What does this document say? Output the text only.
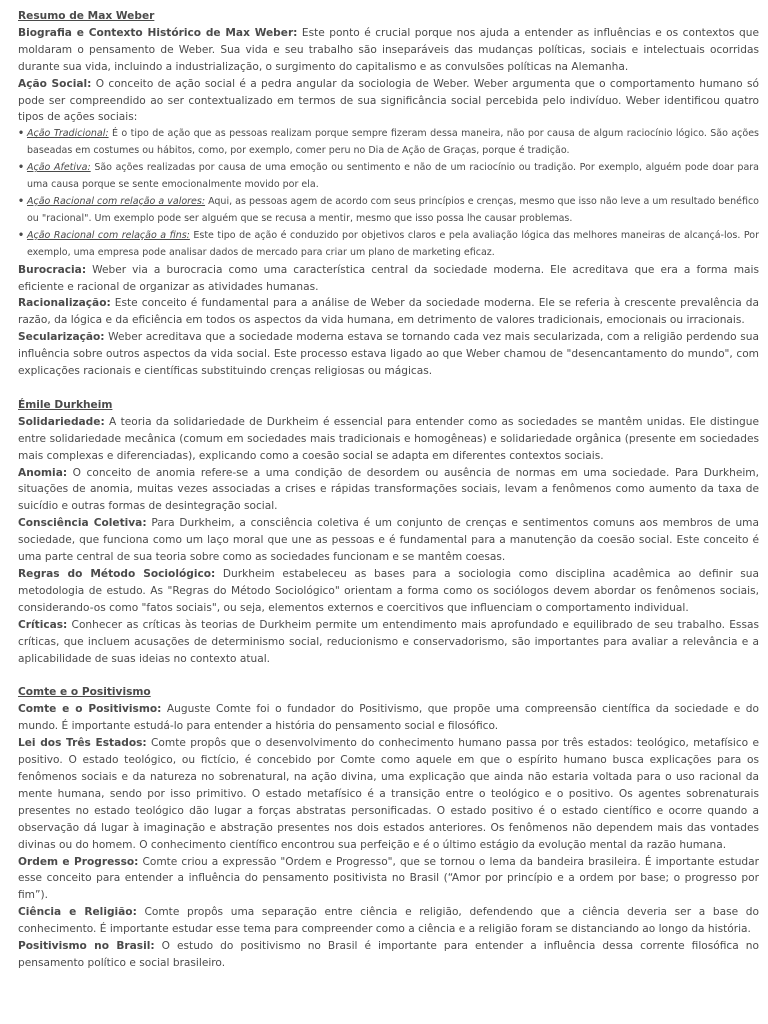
Resumo de Max Weber

Biografia e Contexto Histórico de Max Weber: Este ponto é crucial porque nos ajuda a entender as influências e os contextos que moldaram o pensamento de Weber. Sua vida e seu trabalho são inseparáveis das mudanças políticas, sociais e intelectuais ocorridas durante sua vida, incluindo a industrialização, o surgimento do capitalismo e as convulsões políticas na Alemanha.

Ação Social: O conceito de ação social é a pedra angular da sociologia de Weber. Weber argumenta que o comportamento humano só pode ser compreendido ao ser contextualizado em termos de sua significância social percebida pelo indivíduo. Weber identificou quatro tipos de ações sociais:

• Ação Tradicional: É o tipo de ação que as pessoas realizam porque sempre fizeram dessa maneira, não por causa de algum raciocínio lógico. São ações baseadas em costumes ou hábitos, como, por exemplo, comer peru no Dia de Ação de Graças, porque é tradição.

• Ação Afetiva: São ações realizadas por causa de uma emoção ou sentimento e não de um raciocínio ou tradição. Por exemplo, alguém pode doar para uma causa porque se sente emocionalmente movido por ela.

• Ação Racional com relação a valores: Aqui, as pessoas agem de acordo com seus princípios e crenças, mesmo que isso não leve a um resultado benéfico ou "racional". Um exemplo pode ser alguém que se recusa a mentir, mesmo que isso possa lhe causar problemas.

• Ação Racional com relação a fins: Este tipo de ação é conduzido por objetivos claros e pela avaliação lógica das melhores maneiras de alcançá-los. Por exemplo, uma empresa pode analisar dados de mercado para criar um plano de marketing eficaz.

Burocracia: Weber via a burocracia como uma característica central da sociedade moderna. Ele acreditava que era a forma mais eficiente e racional de organizar as atividades humanas.

Racionalização: Este conceito é fundamental para a análise de Weber da sociedade moderna. Ele se referia à crescente prevalência da razão, da lógica e da eficiência em todos os aspectos da vida humana, em detrimento de valores tradicionais, emocionais ou irracionais.

Secularização: Weber acreditava que a sociedade moderna estava se tornando cada vez mais secularizada, com a religião perdendo sua influência sobre outros aspectos da vida social. Este processo estava ligado ao que Weber chamou de "desencantamento do mundo", com explicações racionais e científicas substituindo crenças religiosas ou mágicas.

Émile Durkheim

Solidariedade: A teoria da solidariedade de Durkheim é essencial para entender como as sociedades se mantêm unidas. Ele distingue entre solidariedade mecânica (comum em sociedades mais tradicionais e homogêneas) e solidariedade orgânica (presente em sociedades mais complexas e diferenciadas), explicando como a coesão social se adapta em diferentes contextos sociais.

Anomia: O conceito de anomia refere-se a uma condição de desordem ou ausência de normas em uma sociedade. Para Durkheim, situações de anomia, muitas vezes associadas a crises e rápidas transformações sociais, levam a fenômenos como aumento da taxa de suicídio e outras formas de desintegração social.

Consciência Coletiva: Para Durkheim, a consciência coletiva é um conjunto de crenças e sentimentos comuns aos membros de uma sociedade, que funciona como um laço moral que une as pessoas e é fundamental para a manutenção da coesão social. Este conceito é uma parte central de sua teoria sobre como as sociedades funcionam e se mantêm coesas.

Regras do Método Sociológico: Durkheim estabeleceu as bases para a sociologia como disciplina acadêmica ao definir sua metodologia de estudo. As "Regras do Método Sociológico" orientam a forma como os sociólogos devem abordar os fenômenos sociais, considerando-os como "fatos sociais", ou seja, elementos externos e coercitivos que influenciam o comportamento individual.

Críticas: Conhecer as críticas às teorias de Durkheim permite um entendimento mais aprofundado e equilibrado de seu trabalho. Essas críticas, que incluem acusações de determinismo social, reducionismo e conservadorismo, são importantes para avaliar a relevância e a aplicabilidade de suas ideias no contexto atual.

Comte e o Positivismo

Comte e o Positivismo: Auguste Comte foi o fundador do Positivismo, que propõe uma compreensão científica da sociedade e do mundo. É importante estudá-lo para entender a história do pensamento social e filosófico.

Lei dos Três Estados: Comte propôs que o desenvolvimento do conhecimento humano passa por três estados: teológico, metafísico e positivo. O estado teológico, ou fictício, é concebido por Comte como aquele em que o espírito humano busca explicações para os fenômenos sociais e da natureza no sobrenatural, na ação divina, uma explicação que ainda não estaria voltada para o uso racional da mente humana, sendo por isso primitivo. O estado metafísico é a transição entre o teológico e o positivo. Os agentes sobrenaturais presentes no estado teológico dão lugar a forças abstratas personificadas. O estado positivo é o estado científico e ocorre quando a observação dá lugar à imaginação e abstração presentes nos dois estados anteriores. Os fenômenos não dependem mais das vontades divinas ou do homem. O conhecimento científico encontrou sua perfeição e é o último estágio da evolução mental da razão humana.

Ordem e Progresso: Comte criou a expressão "Ordem e Progresso", que se tornou o lema da bandeira brasileira. É importante estudar esse conceito para entender a influência do pensamento positivista no Brasil (“Amor por princípio e a ordem por base; o progresso por fim”).

Ciência e Religião: Comte propôs uma separação entre ciência e religião, defendendo que a ciência deveria ser a base do conhecimento. É importante estudar esse tema para compreender como a ciência e a religião foram se distanciando ao longo da história.

Positivismo no Brasil: O estudo do positivismo no Brasil é importante para entender a influência dessa corrente filosófica no pensamento político e social brasileiro.
